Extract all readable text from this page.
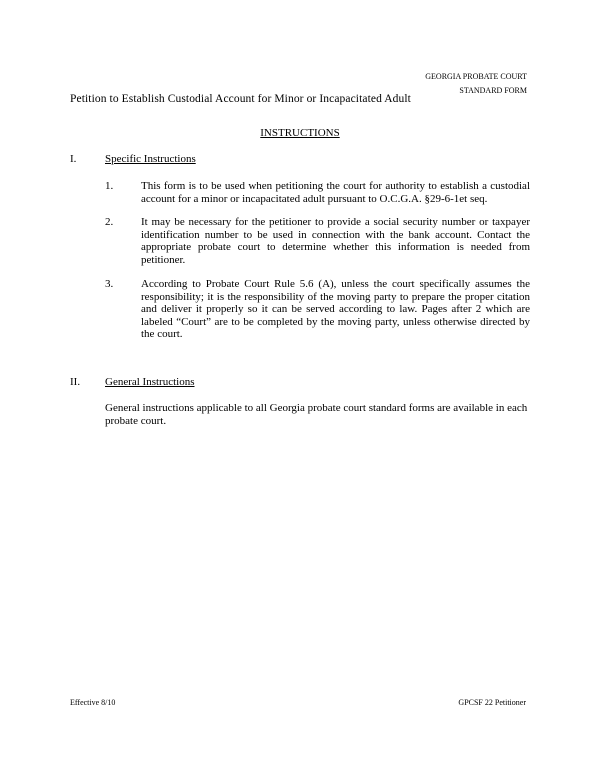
GEORGIA PROBATE COURT
STANDARD FORM
Petition to Establish Custodial Account for Minor or Incapacitated Adult
INSTRUCTIONS
I.	Specific Instructions
1.	This form is to be used when petitioning the court for authority to establish a custodial account for a minor or incapacitated adult pursuant to O.C.G.A. §29-6-1et seq.
2.	It may be necessary for the petitioner to provide a social security number or taxpayer identification number to be used in connection with the bank account. Contact the appropriate probate court to determine whether this information is needed from petitioner.
3.	According to Probate Court Rule 5.6 (A), unless the court specifically assumes the responsibility; it is the responsibility of the moving party to prepare the proper citation and deliver it properly so it can be served according to law. Pages after 2 which are labeled “Court” are to be completed by the moving party, unless otherwise directed by the court.
II. General Instructions
General instructions applicable to all Georgia probate court standard forms are available in each probate court.
Effective 8/10	GPCSF 22 Petitioner
